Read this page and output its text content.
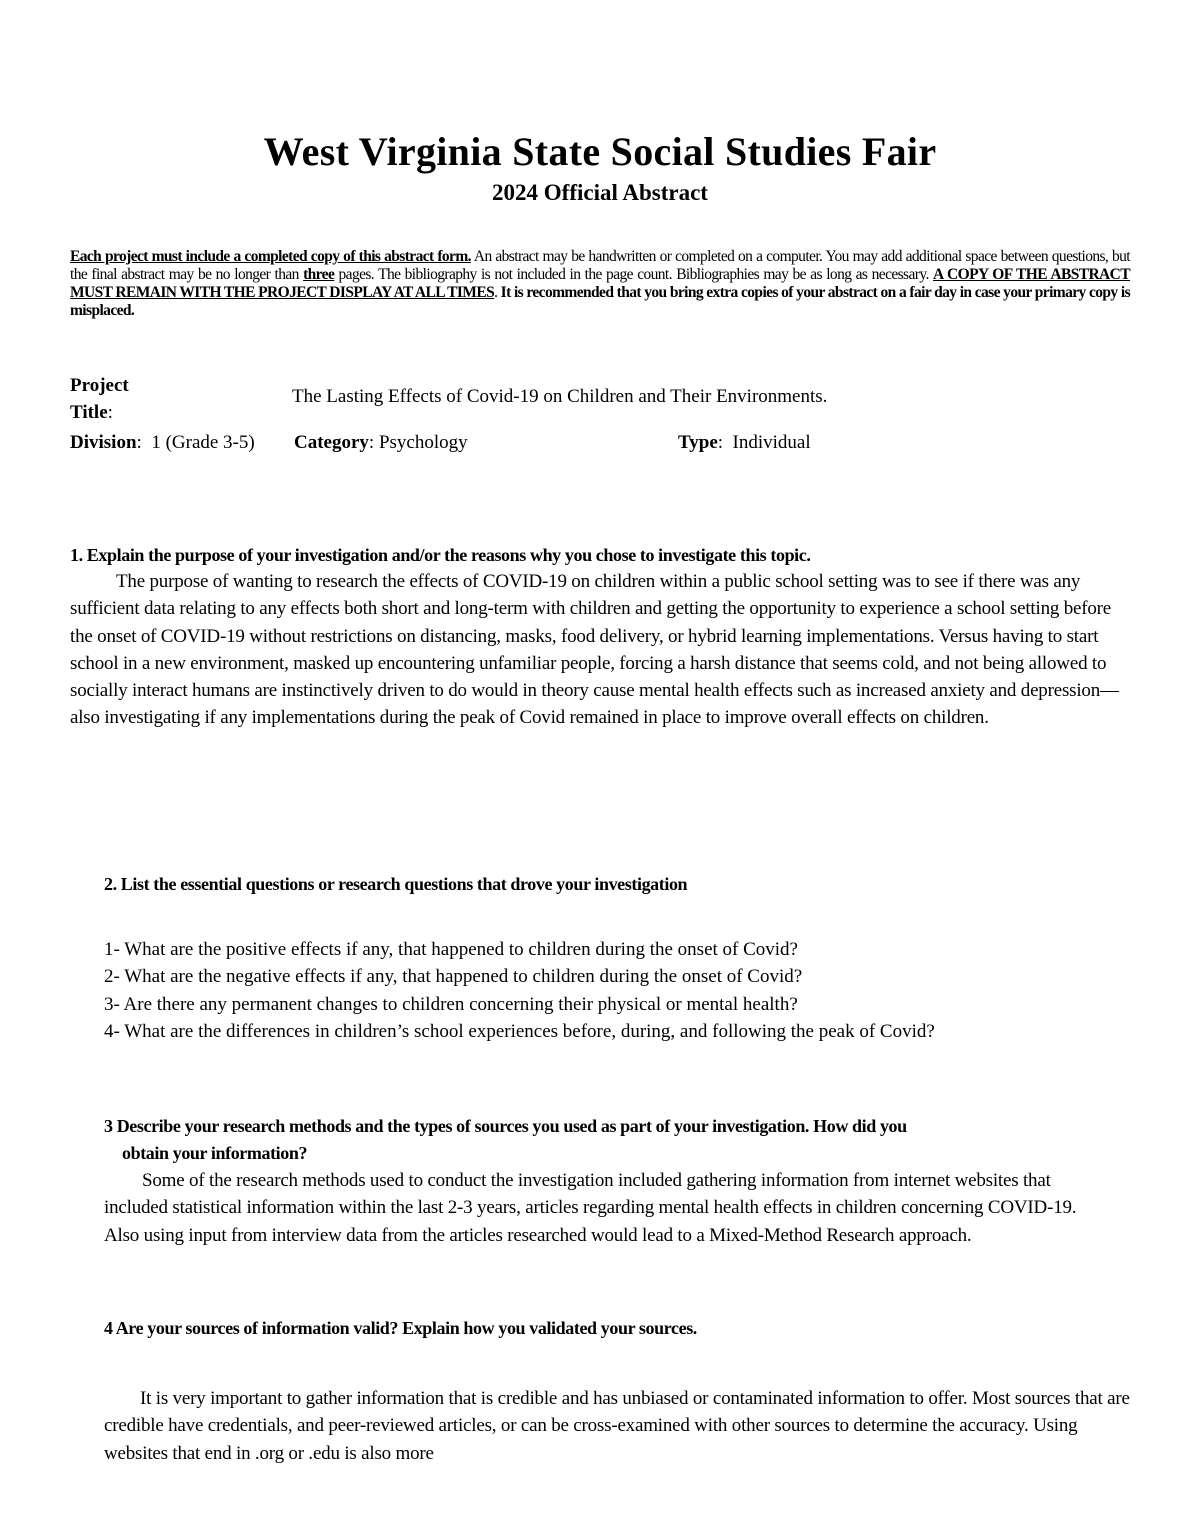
West Virginia State Social Studies Fair
2024 Official Abstract
Each project must include a completed copy of this abstract form. An abstract may be handwritten or completed on a computer. You may add additional space between questions, but the final abstract may be no longer than three pages. The bibliography is not included in the page count. Bibliographies may be as long as necessary. A COPY OF THE ABSTRACT MUST REMAIN WITH THE PROJECT DISPLAY AT ALL TIMES. It is recommended that you bring extra copies of your abstract on a fair day in case your primary copy is misplaced.
Project Title:
The Lasting Effects of Covid-19 on Children and Their Environments.
Division:  1 (Grade 3-5) Category: Psychology	Type:  Individual
1. Explain the purpose of your investigation and/or the reasons why you chose to investigate this topic.
The purpose of wanting to research the effects of COVID-19 on children within a public school setting was to see if there was any sufficient data relating to any effects both short and long-term with children and getting the opportunity to experience a school setting before the onset of COVID-19 without restrictions on distancing, masks, food delivery, or hybrid learning implementations. Versus having to start school in a new environment, masked up encountering unfamiliar people, forcing a harsh distance that seems cold, and not being allowed to socially interact humans are instinctively driven to do would in theory cause mental health effects such as increased anxiety and depression—also investigating if any implementations during the peak of Covid remained in place to improve overall effects on children.
2. List the essential questions or research questions that drove your investigation
1- What are the positive effects if any, that happened to children during the onset of Covid?
2- What are the negative effects if any, that happened to children during the onset of Covid?
3- Are there any permanent changes to children concerning their physical or mental health?
4- What are the differences in children’s school experiences before, during, and following the peak of Covid?
3 Describe your research methods and the types of sources you used as part of your investigation. How did you
obtain your information?
Some of the research methods used to conduct the investigation included gathering information from internet websites that included statistical information within the last 2-3 years, articles regarding mental health effects in children concerning COVID-19. Also using input from interview data from the articles researched would lead to a Mixed-Method Research approach.
4 Are your sources of information valid? Explain how you validated your sources.
It is very important to gather information that is credible and has unbiased or contaminated information to offer. Most sources that are credible have credentials, and peer-reviewed articles, or can be cross-examined with other sources to determine the accuracy. Using websites that end in .org or .edu is also more
